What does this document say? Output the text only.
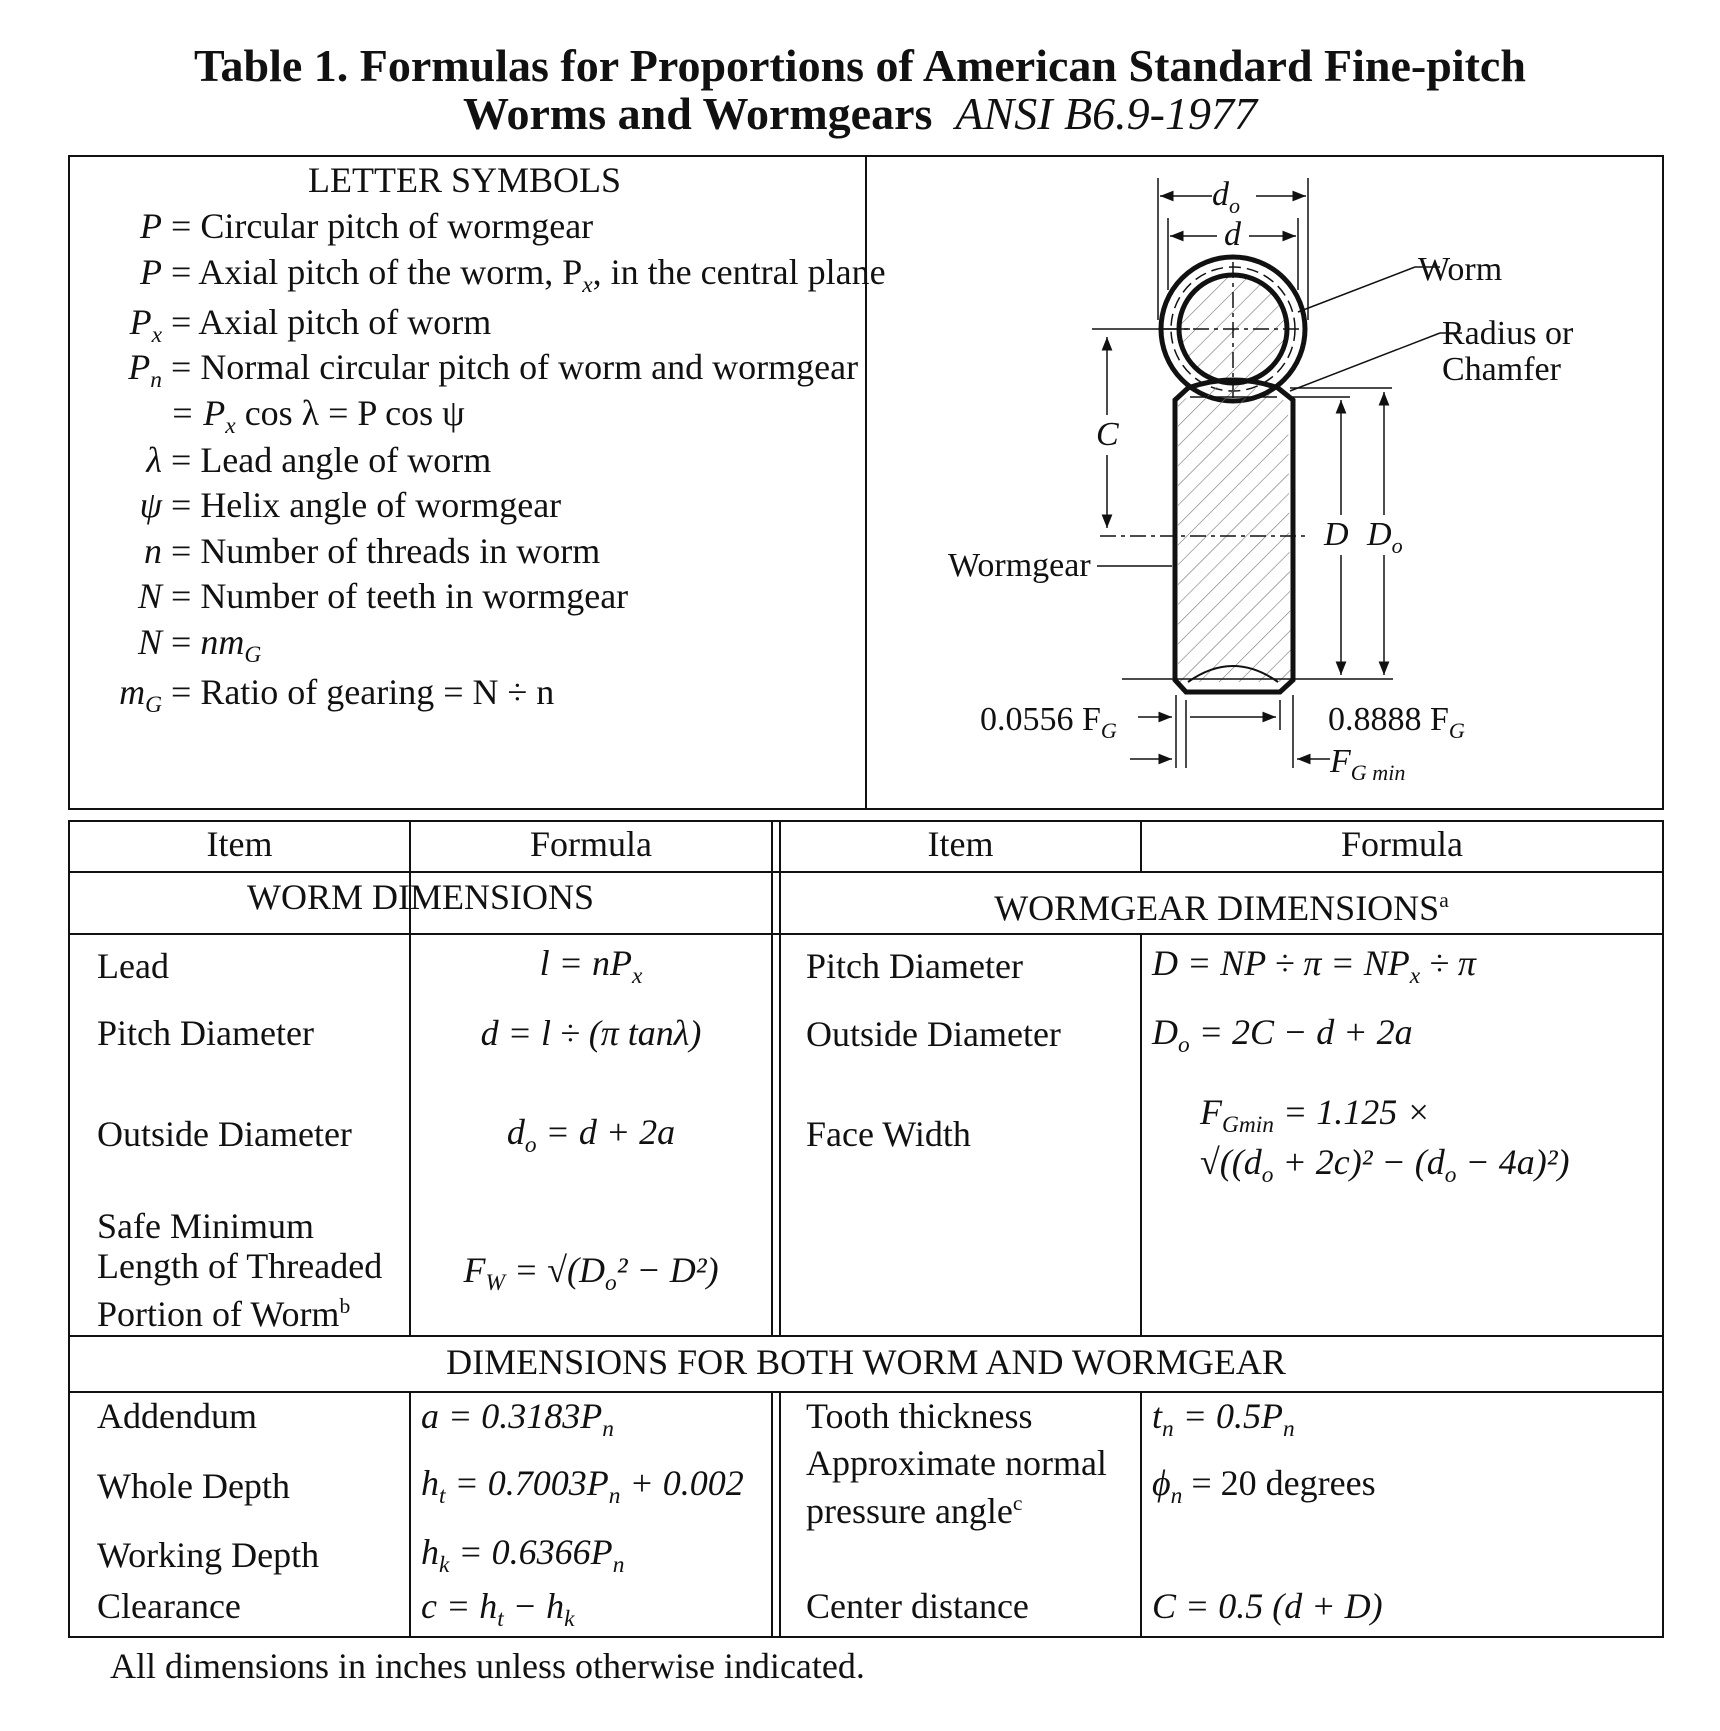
Table 1. Formulas for Proportions of American Standard Fine-pitch
Worms and Wormgears ANSI B6.9-1977
LETTER SYMBOLS
P = Circular pitch of wormgear
P = Axial pitch of the worm, $P_x$, in the central plane
$P_x$ = Axial pitch of worm
$P_n$ = Normal circular pitch of worm and wormgear
= $P_x$ cos λ = P cos ψ
λ = Lead angle of worm
ψ = Helix angle of wormgear
n = Number of threads in worm
N = Number of teeth in wormgear
$N = nm_G$
$m_G$ = Ratio of gearing = N ÷ n
$d_o$
d
Worm
Radius or
Chamfer
C
D $D_o$
Wormgear
0.0556 $F_G$	0.8888 $F_G$
$F_{G min}$
Item	Formula	Item	Formula
WORM DIMENSIONS	WORMGEAR DIMENSIONS$^a$
Lead	$l = nP_x$
Pitch Diameter	d = l ÷ (π tanλ)
Outside Diameter	$d_o = d + 2a$
Safe Minimum
Length of Threaded
Portion of Worm$^b$
$F_W = √(D_o^2 - D^2)$
Pitch Diameter	D = NP ÷ $\pi = NP_x \div \pi$
Outside Diameter	$D_o = 2C - d + 2a$
Face Width
$F_{Gmin} = 1.125$ ×
$√((d_o + 2c)^2 - (d_o - 4a)^2)$
DIMENSIONS FOR BOTH WORM AND WORMGEAR
Addendum	$a = 0.3183P_n$
Whole Depth	$h_t = 0.7003P_n + 0.002$
Working Depth	$h_k = 0.6366P_n$
Clearance	$c = h_t - h_k$
Tooth thickness	$t_n = 0.5P_n$
Approximate normal
pressure angle$^c$	$\phi_n = 20$ degrees
Center distance	C = 0.5 (d + D)
All dimensions in inches unless otherwise indicated.
